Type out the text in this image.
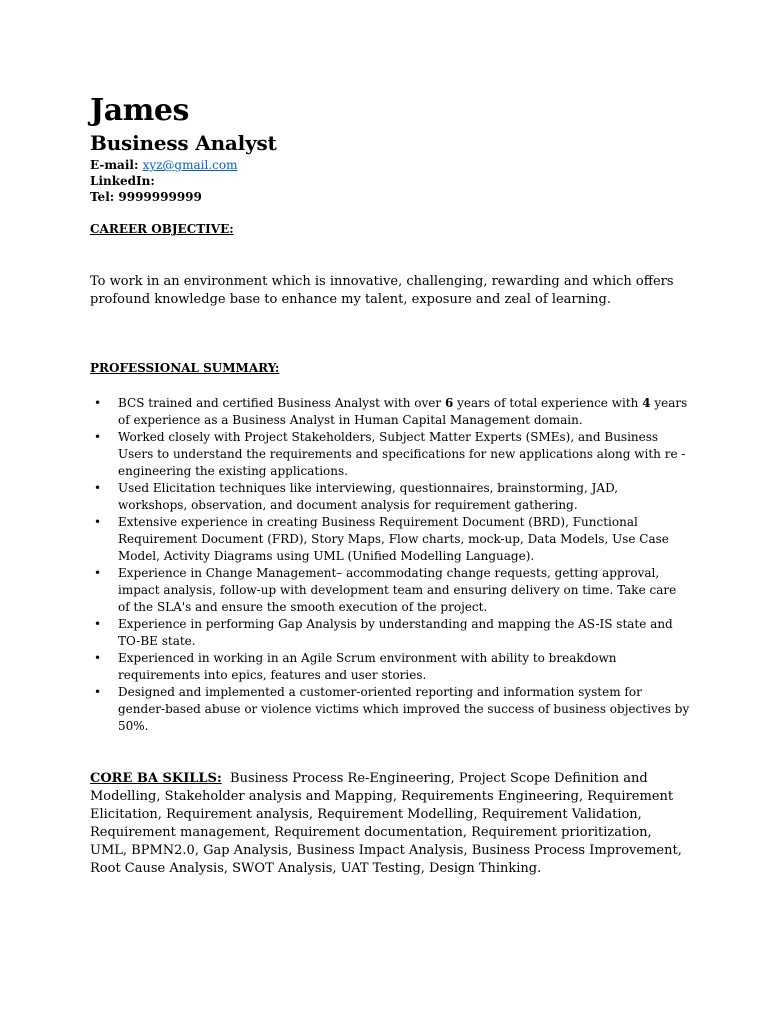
James
Business Analyst
E-mail: xyz@gmail.com
LinkedIn:
Tel: 9999999999
CAREER OBJECTIVE:

To work in an environment which is innovative, challenging, rewarding and which offers profound knowledge base to enhance my talent, exposure and zeal of learning.

PROFESSIONAL SUMMARY:
• BCS trained and certified Business Analyst with over 6 years of total experience with 4 years of experience as a Business Analyst in Human Capital Management domain.
• Worked closely with Project Stakeholders, Subject Matter Experts (SMEs), and Business Users to understand the requirements and specifications for new applications along with re - engineering the existing applications.
• Used Elicitation techniques like interviewing, questionnaires, brainstorming, JAD, workshops, observation, and document analysis for requirement gathering.
• Extensive experience in creating Business Requirement Document (BRD), Functional Requirement Document (FRD), Story Maps, Flow charts, mock-up, Data Models, Use Case Model, Activity Diagrams using UML (Unified Modelling Language).
• Experience in Change Management– accommodating change requests, getting approval, impact analysis, follow-up with development team and ensuring delivery on time. Take care of the SLA's and ensure the smooth execution of the project.
• Experience in performing Gap Analysis by understanding and mapping the AS-IS state and TO-BE state.
• Experienced in working in an Agile Scrum environment with ability to breakdown requirements into epics, features and user stories.
• Designed and implemented a customer-oriented reporting and information system for gender-based abuse or violence victims which improved the success of business objectives by 50%.

CORE BA SKILLS: Business Process Re-Engineering, Project Scope Definition and Modelling, Stakeholder analysis and Mapping, Requirements Engineering, Requirement Elicitation, Requirement analysis, Requirement Modelling, Requirement Validation, Requirement management, Requirement documentation, Requirement prioritization, UML, BPMN2.0, Gap Analysis, Business Impact Analysis, Business Process Improvement, Root Cause Analysis, SWOT Analysis, UAT Testing, Design Thinking.
